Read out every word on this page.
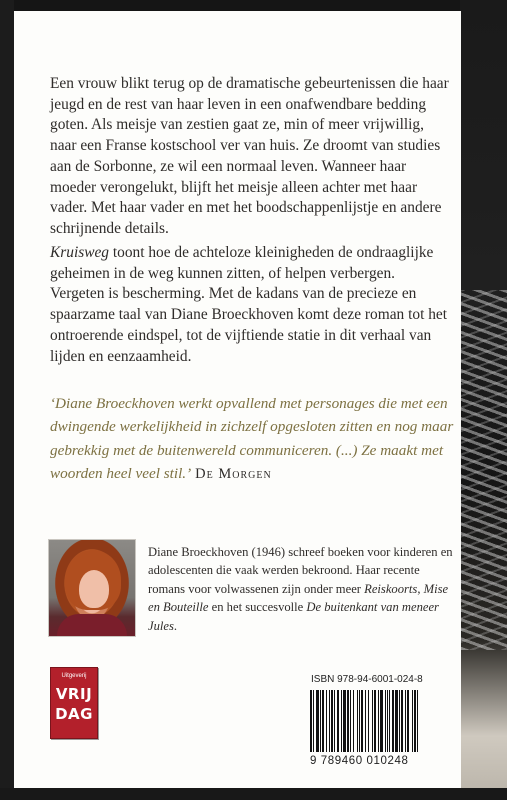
Een vrouw blikt terug op de dramatische gebeurtenissen die haar jeugd en de rest van haar leven in een onafwendbare bedding goten. Als meisje van zestien gaat ze, min of meer vrijwillig, naar een Franse kostschool ver van huis. Ze droomt van studies aan de Sorbonne, ze wil een normaal leven. Wanneer haar moeder verongelukt, blijft het meisje alleen achter met haar vader. Met haar vader en met het boodschappenlijstje en andere schrijnende details.

Kruisweg toont hoe de achteloze kleinigheden de ondraaglijke geheimen in de weg kunnen zitten, of helpen verbergen. Vergeten is bescherming. Met de kadans van de precieze en spaarzame taal van Diane Broeckhoven komt deze roman tot het ontroerende eindspel, tot de vijftiende statie in dit verhaal van lijden en eenzaamheid.

‘Diane Broeckhoven werkt opvallend met personages die met een dwingende werkelijkheid in zichzelf opgesloten zitten en nog maar gebrekkig met de buitenwereld communiceren. (...) Ze maakt met woorden heel veel stil.’ De Morgen

Diane Broeckhoven (1946) schreef boeken voor kinderen en adolescenten die vaak werden bekroond. Haar recente romans voor volwassenen zijn onder meer Reiskoorts, Mise en Bouteille en het succesvolle De buitenkant van meneer Jules.

Uitgeverij
VRIJ
DAG
ISBN 978-94-6001-024-8
9 789460 010248
